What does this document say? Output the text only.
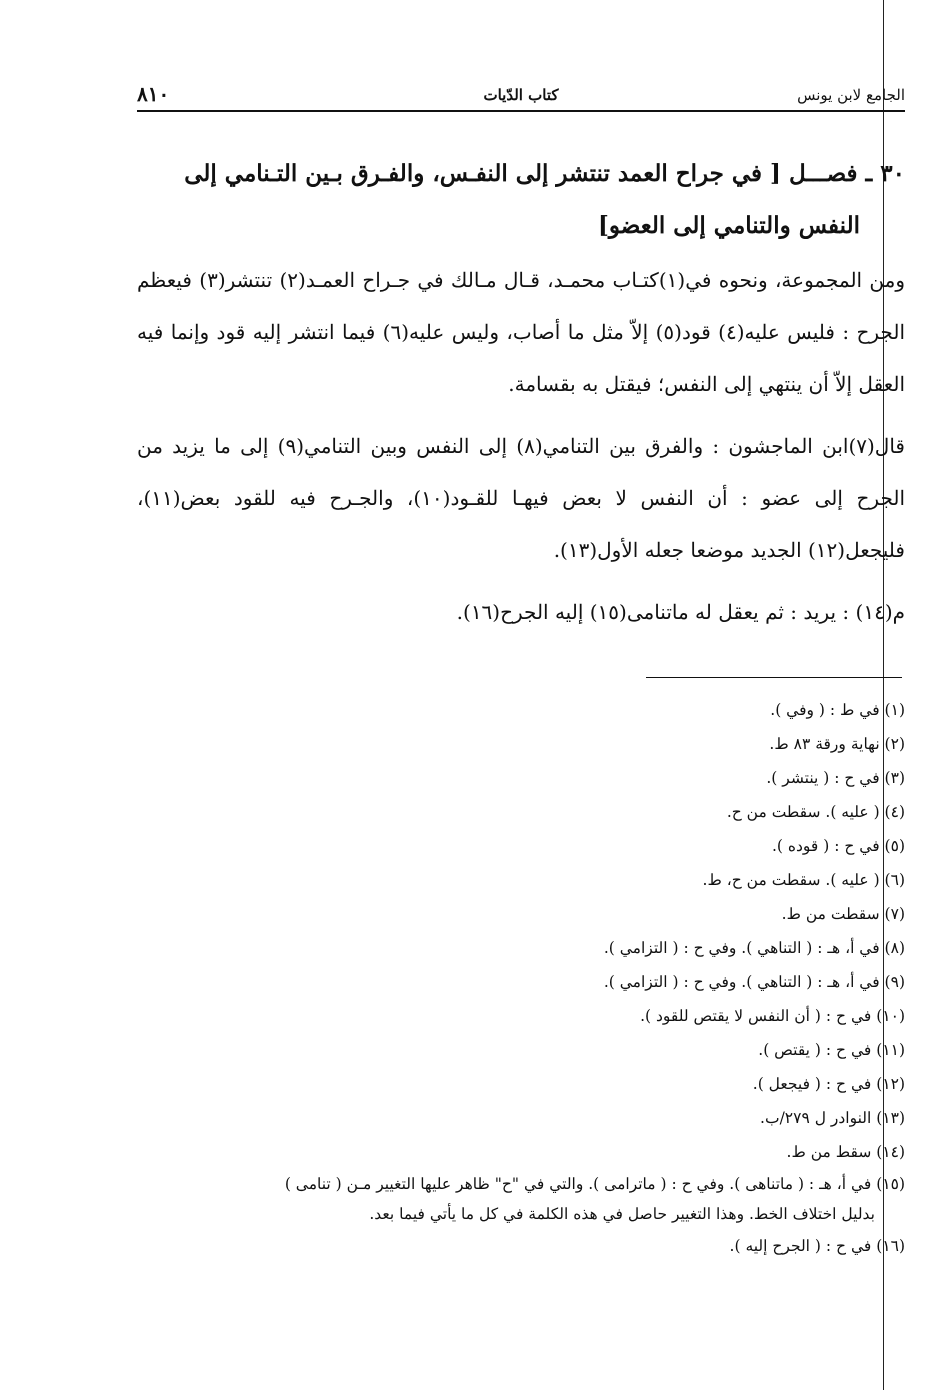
الجامع لابن يونس
كتاب الدّيات
٨١٠
٣٠ ـ فصـــل [ في جراح العمد تنتشر إلى النفـس، والفـرق بـين التـنامي إلى
النفس والتنامي إلى العضو]

ومن المجموعة، ونحوه في(١)كتـاب محمـد، قـال مـالك في جـراح العمـد(٢) تنتشر(٣) فيعظم الجرح : فليس عليه(٤) قود(٥) إلاّ مثل ما أصاب، وليس عليه(٦) فيما انتشر إليه قود وإنما فيه العقل إلاّ أن ينتهي إلى النفس؛ فيقتل به بقسامة.

قال(٧)ابن الماجشون : والفرق بين التنامي(٨) إلى النفس وبين التنامي(٩) إلى ما يزيد من الجرح إلى عضو : أن النفس لا بعض فيهـا للقـود(١٠)، والجـرح فيه للقود بعض(١١)، فليجعل(١٢) الجديد موضعا جعله الأول(١٣).

م(١٤) : يريد : ثم يعقل له ماتنامى(١٥) إليه الجرح(١٦).

(١) في ط : ( وفي ).
(٢) نهاية ورقة ٨٣ ط.
(٣) في ح : ( ينتشر ).
(٤) ( عليه ). سقطت من ح.
(٥) في ح : ( قوده ).
(٦) ( عليه ). سقطت من ح، ط.
(٧) سقطت من ط.
(٨) في أ، هـ : ( التناهي ). وفي ح : ( التزامي ).
(٩) في أ، هـ : ( التناهي ). وفي ح : ( التزامي ).
(١٠) في ح : ( أن النفس لا يقتص للقود ).
(١١) في ح : ( يقتص ).
(١٢) في ح : ( فيجعل ).
(١٣) النوادر ل ٢٧٩/ب.
(١٤) سقط من ط.
(١٥) في أ، هـ : ( ماتناهى ). وفي ح : ( ماترامى ). والتي في "ح" ظاهر عليها التغيير مـن ( تنامى )
بدليل اختلاف الخط. وهذا التغيير حاصل في هذه الكلمة في كل ما يأتي فيما بعد.
(١٦) في ح : ( الجرح إليه ).
